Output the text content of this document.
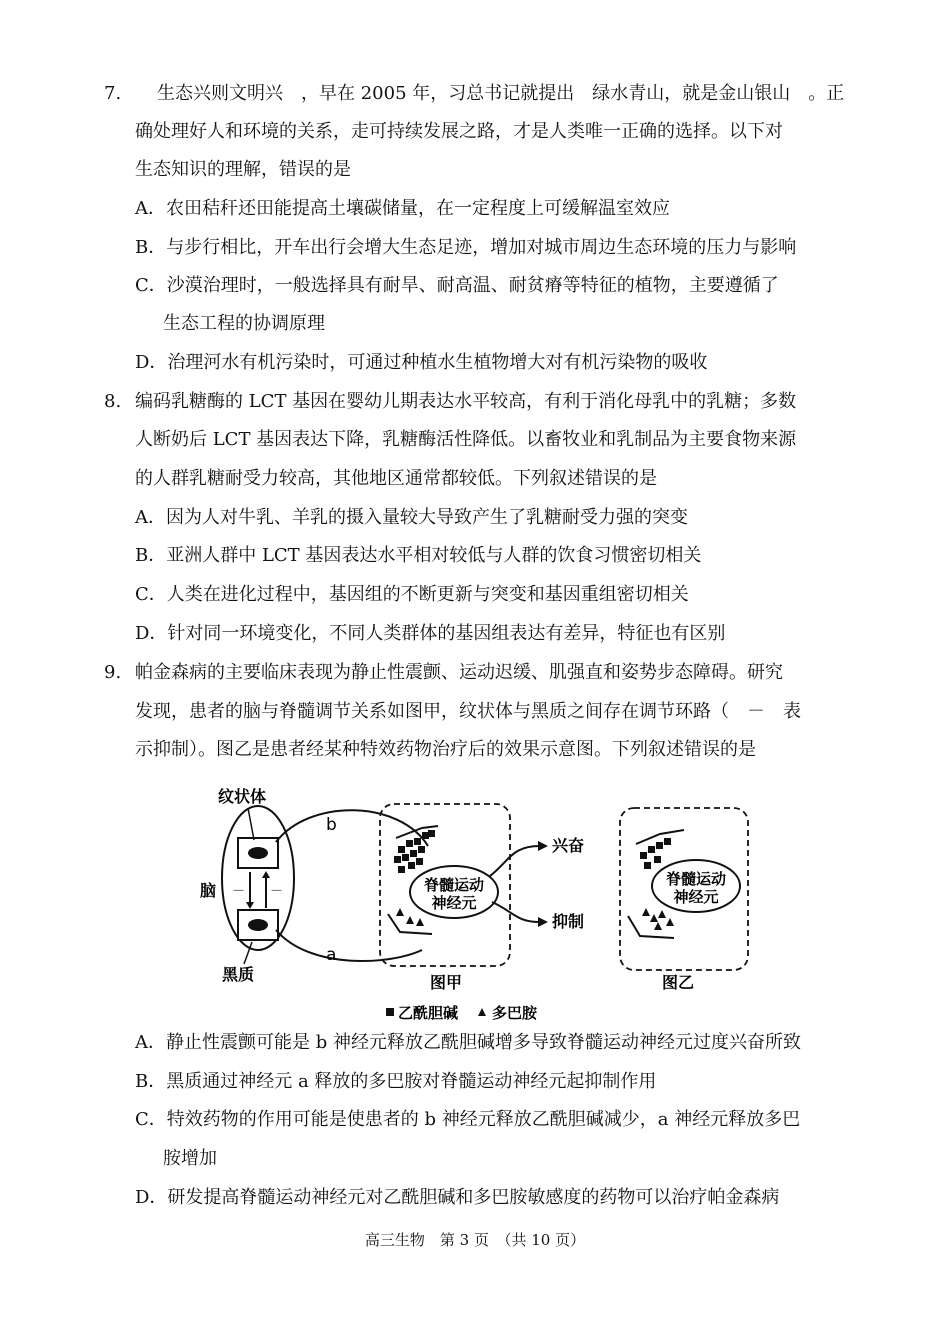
7. 生态兴则文明兴　，早在 2005 年，习总书记就提出　绿水青山，就是金山银山　。正
确处理好人和环境的关系，走可持续发展之路，才是人类唯一正确的选择。以下对
生态知识的理解，错误的是
A．农田秸秆还田能提高土壤碳储量，在一定程度上可缓解温室效应
B．与步行相比，开车出行会增大生态足迹，增加对城市周边生态环境的压力与影响
C．沙漠治理时，一般选择具有耐旱、耐高温、耐贫瘠等特征的植物，主要遵循了
生态工程的协调原理
D．治理河水有机污染时，可通过种植水生植物增大对有机污染物的吸收
8. 编码乳糖酶的 LCT 基因在婴幼儿期表达水平较高，有利于消化母乳中的乳糖；多数
人断奶后 LCT 基因表达下降，乳糖酶活性降低。以畜牧业和乳制品为主要食物来源
的人群乳糖耐受力较高，其他地区通常都较低。下列叙述错误的是
A．因为人对牛乳、羊乳的摄入量较大导致产生了乳糖耐受力强的突变
B．亚洲人群中 LCT 基因表达水平相对较低与人群的饮食习惯密切相关
C．人类在进化过程中，基因组的不断更新与突变和基因重组密切相关
D．针对同一环境变化，不同人类群体的基因组表达有差异，特征也有区别
9. 帕金森病的主要临床表现为静止性震颤、运动迟缓、肌强直和姿势步态障碍。研究
发现，患者的脑与脊髓调节关系如图甲，纹状体与黑质之间存在调节环路（　－　表
示抑制）。图乙是患者经某种特效药物治疗后的效果示意图。下列叙述错误的是
－ －
纹状体
脑
黑质
b
a
脊髓运动
神经元
兴奋
抑制
图甲
脊髓运动
神经元
图乙
乙酰胆碱 多巴胺
A．静止性震颤可能是 b 神经元释放乙酰胆碱增多导致脊髓运动神经元过度兴奋所致
B．黑质通过神经元 a 释放的多巴胺对脊髓运动神经元起抑制作用
C．特效药物的作用可能是使患者的 b 神经元释放乙酰胆碱减少，a 神经元释放多巴
胺增加
D．研发提高脊髓运动神经元对乙酰胆碱和多巴胺敏感度的药物可以治疗帕金森病
高三生物　第 3 页　（共 10 页）
